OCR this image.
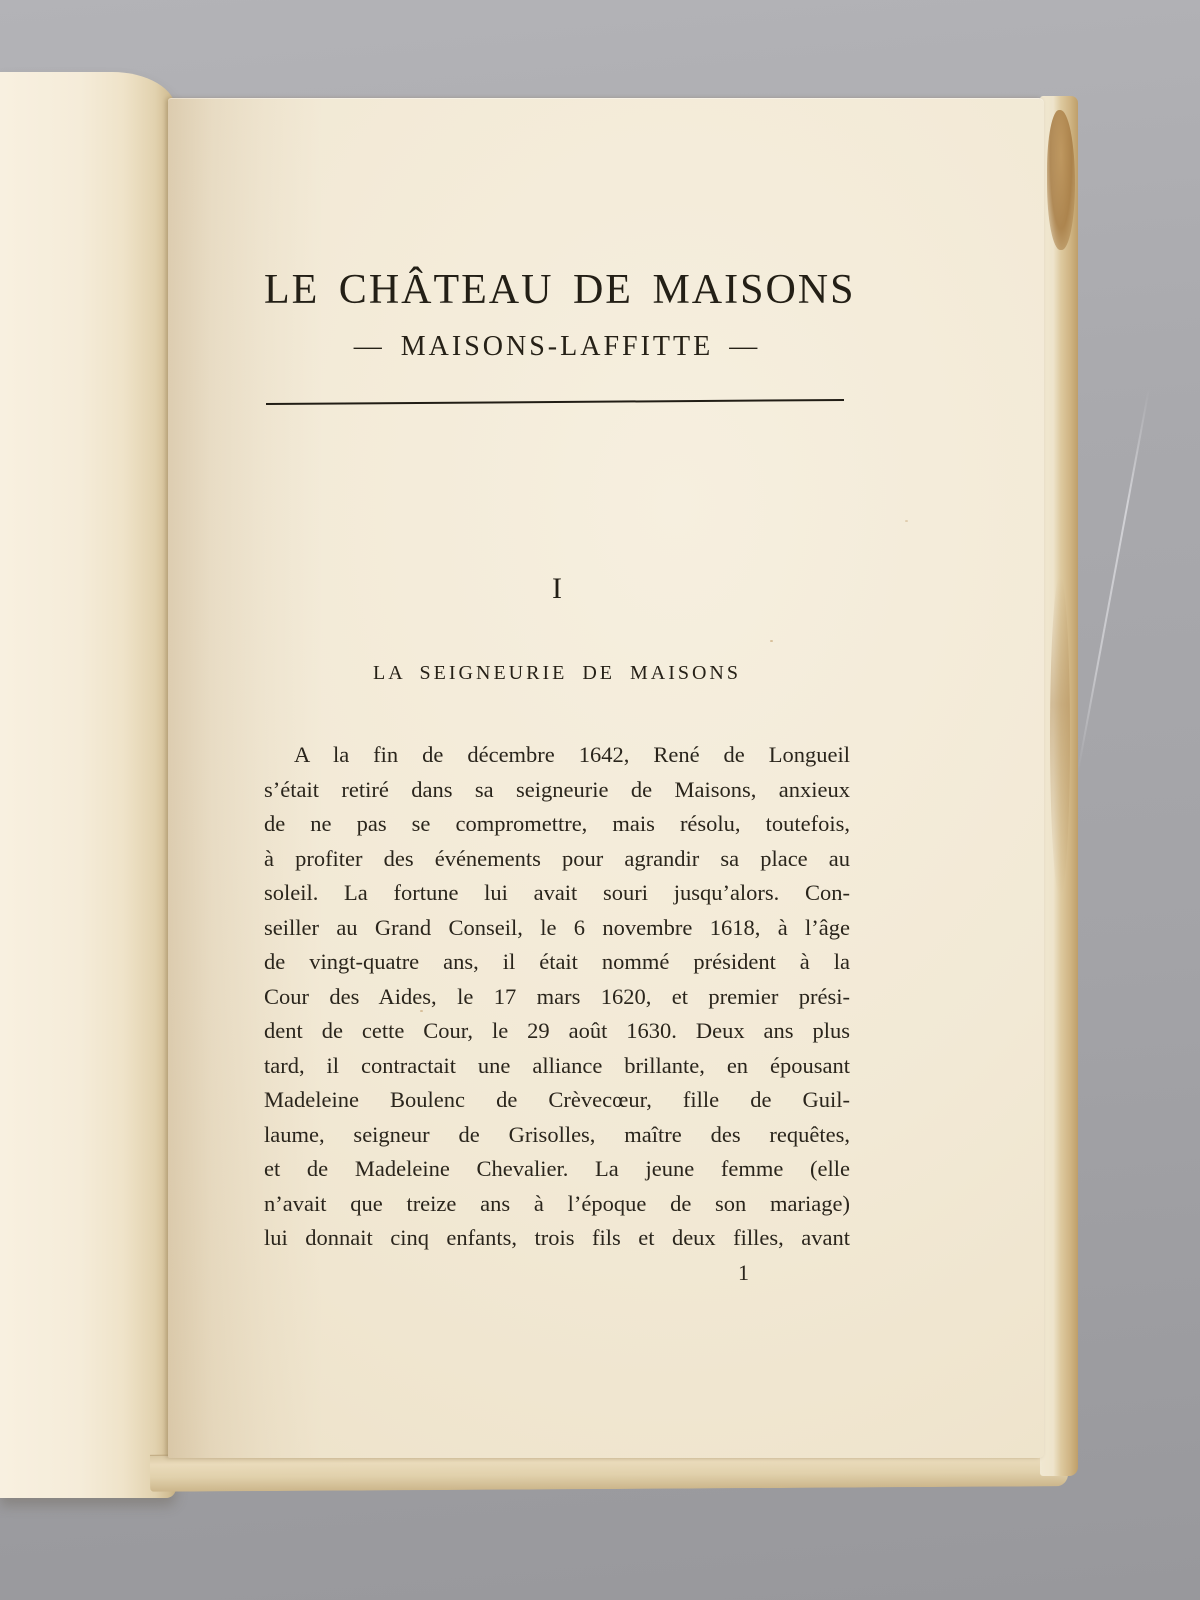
LE CHÂTEAU DE MAISONS
— MAISONS-LAFFITTE —
I
LA SEIGNEURIE DE MAISONS
A la fin de décembre 1642, René de Longueil
s’était retiré dans sa seigneurie de Maisons, anxieux
de ne pas se compromettre, mais résolu, toutefois,
à profiter des événements pour agrandir sa place au
soleil. La fortune lui avait souri jusqu’alors. Con-
seiller au Grand Conseil, le 6 novembre 1618, à l’âge
de vingt-quatre ans, il était nommé président à la
Cour des Aides, le 17 mars 1620, et premier prési-
dent de cette Cour, le 29 août 1630. Deux ans plus
tard, il contractait une alliance brillante, en épousant
Madeleine Boulenc de Crèvecœur, fille de Guil-
laume, seigneur de Grisolles, maître des requêtes,
et de Madeleine Chevalier. La jeune femme (elle
n’avait que treize ans à l’époque de son mariage)
lui donnait cinq enfants, trois fils et deux filles, avant
1
